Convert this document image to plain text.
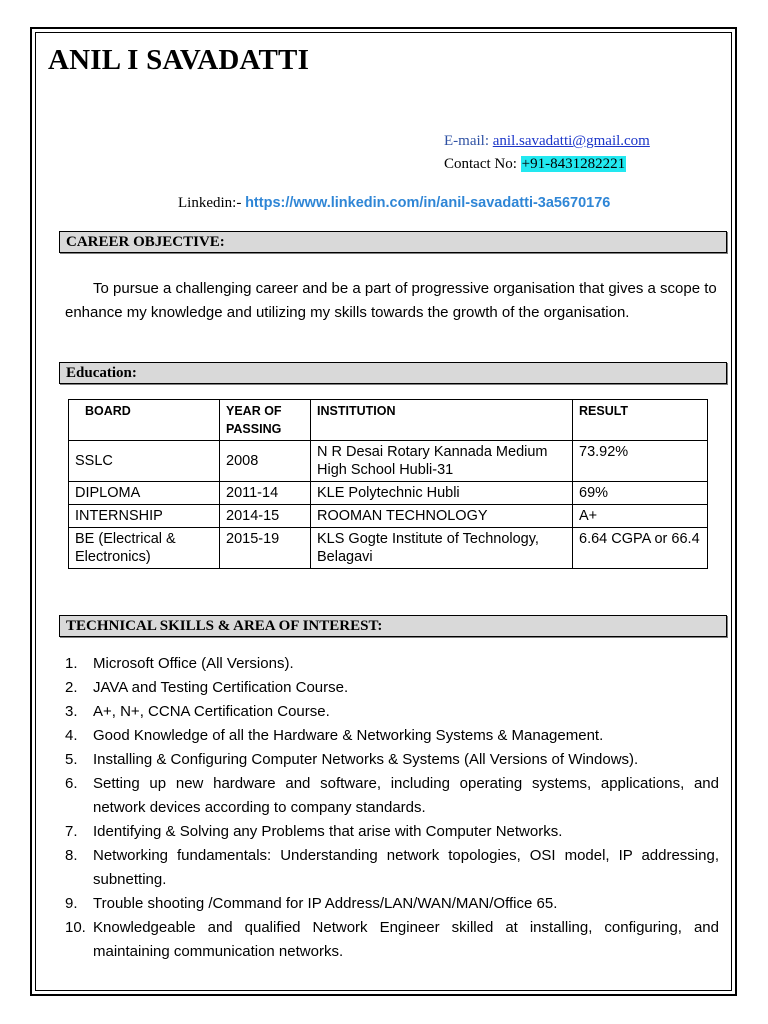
ANIL I SAVADATTI
E-mail: anil.savadatti@gmail.com
Contact No: +91-8431282221
Linkedin:- https://www.linkedin.com/in/anil-savadatti-3a5670176
CAREER OBJECTIVE:

To pursue a challenging career and be a part of progressive organisation that gives a scope to enhance my knowledge and utilizing my skills towards the growth of the organisation.

Education:
BOARD	YEAR OF PASSING	INSTITUTION	RESULT
SSLC	2008	N R Desai Rotary Kannada Medium High School Hubli-31	73.92%
DIPLOMA	2011-14	KLE Polytechnic Hubli	69%
INTERNSHIP	2014-15	ROOMAN TECHNOLOGY	A+
BE (Electrical & Electronics)	2015-19	KLS Gogte Institute of Technology, Belagavi	6.64 CGPA or 66.4
TECHNICAL SKILLS & AREA OF INTEREST:
1. Microsoft Office (All Versions).
2. JAVA and Testing Certification Course.
3. A+, N+, CCNA Certification Course.
4. Good Knowledge of all the Hardware & Networking Systems & Management.
5. Installing & Configuring Computer Networks & Systems (All Versions of Windows).
6. Setting up new hardware and software, including operating systems, applications, and network devices according to company standards.
7. Identifying & Solving any Problems that arise with Computer Networks.
8. Networking fundamentals: Understanding network topologies, OSI model, IP addressing, subnetting.
9. Trouble shooting /Command for IP Address/LAN/WAN/MAN/Office 65.
10. Knowledgeable and qualified Network Engineer skilled at installing, configuring, and maintaining communication networks.
